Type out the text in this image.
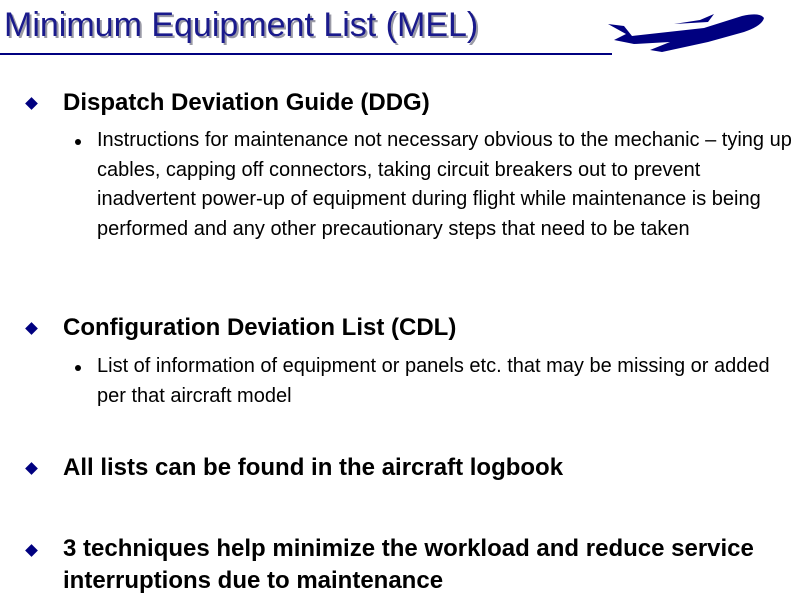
Minimum Equipment List (MEL)
Dispatch Deviation Guide (DDG)
Instructions for maintenance not necessary obvious to the mechanic – tying up cables, capping off connectors, taking circuit breakers out to prevent inadvertent power-up of equipment during flight while maintenance is being performed and any other precautionary steps that need to be taken
Configuration Deviation List (CDL)
List of information of equipment or panels etc. that may be missing or added per that aircraft model
All lists can be found in the aircraft logbook
3 techniques help minimize the workload and reduce service interruptions due to maintenance
